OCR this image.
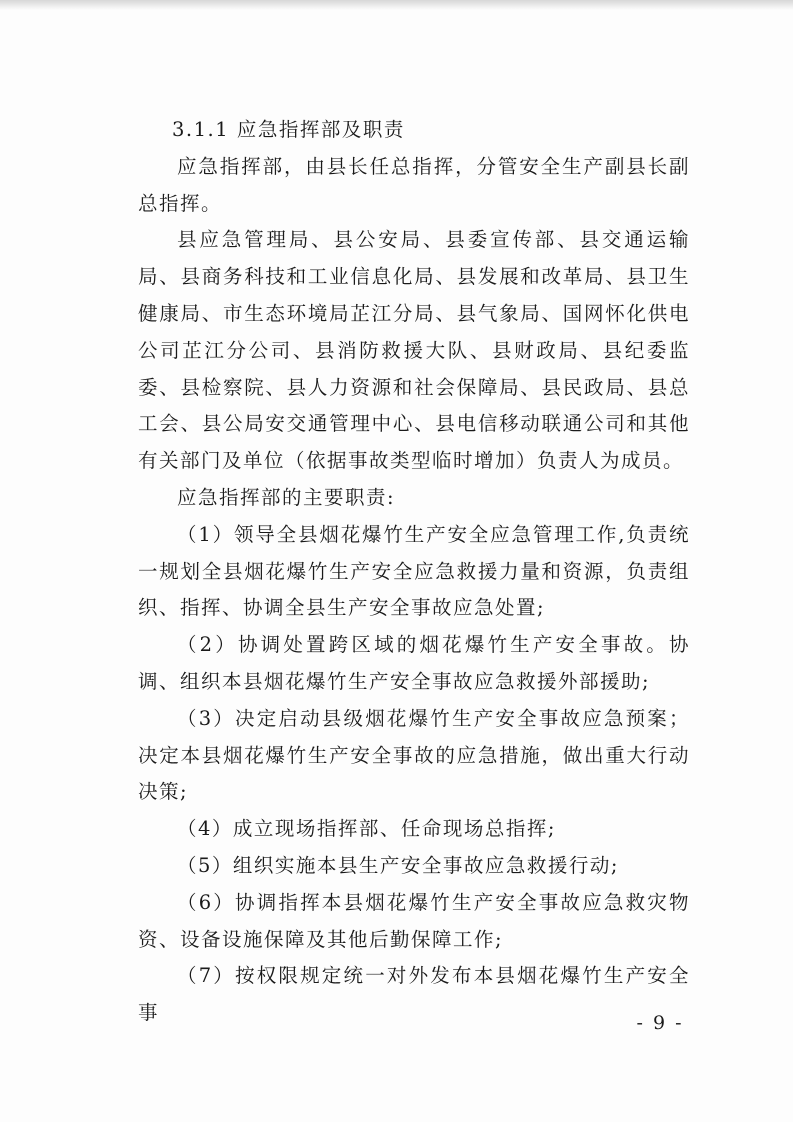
3.1.1 应急指挥部及职责

应急指挥部，由县长任总指挥，分管安全生产副县长副总指挥。

县应急管理局、县公安局、县委宣传部、县交通运输局、县商务科技和工业信息化局、县发展和改革局、县卫生健康局、市生态环境局芷江分局、县气象局、国网怀化供电公司芷江分公司、县消防救援大队、县财政局、县纪委监委、县检察院、县人力资源和社会保障局、县民政局、县总工会、县公局安交通管理中心、县电信移动联通公司和其他有关部门及单位（依据事故类型临时增加）负责人为成员。

应急指挥部的主要职责:

（1）领导全县烟花爆竹生产安全应急管理工作,负责统一规划全县烟花爆竹生产安全应急救援力量和资源，负责组织、指挥、协调全县生产安全事故应急处置;

（2）协调处置跨区域的烟花爆竹生产安全事故。协调、组织本县烟花爆竹生产安全事故应急救援外部援助;

（3）决定启动县级烟花爆竹生产安全事故应急预案；决定本县烟花爆竹生产安全事故的应急措施，做出重大行动决策;

（4）成立现场指挥部、任命现场总指挥;

（5）组织实施本县生产安全事故应急救援行动;

（6）协调指挥本县烟花爆竹生产安全事故应急救灾物资、设备设施保障及其他后勤保障工作;

（7）按权限规定统一对外发布本县烟花爆竹生产安全事	- 9 -
